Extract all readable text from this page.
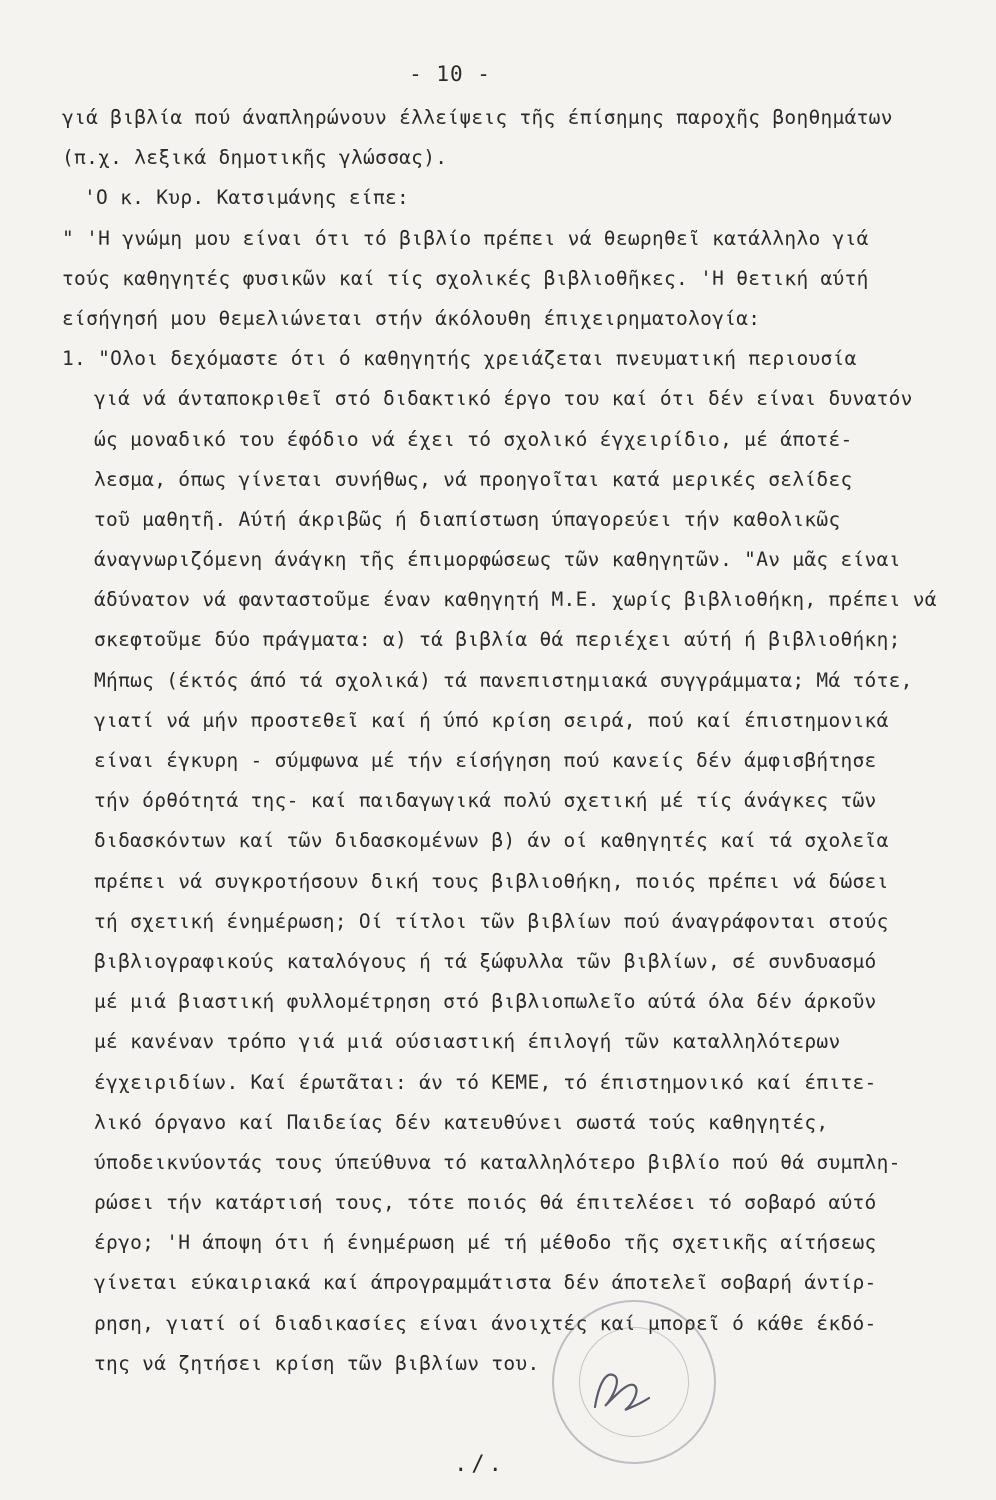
- 10 -
γιά βιβλία πού άναπληρώνουν έλλείψεις τῆς έπίσημης παροχῆς βοηθημάτων
(π.χ. λεξικά δημοτικῆς γλώσσας).
'Ο κ. Κυρ. Κατσιμάνης είπε:
" 'Η γνώμη μου είναι ότι τό βιβλίο πρέπει νά θεωρηθεῖ κατάλληλο γιά
τούς καθηγητές φυσικῶν καί τίς σχολικές βιβλιοθῆκες. 'Η θετική αύτή
είσήγησή μου θεμελιώνεται στήν άκόλουθη έπιχειρηματολογία:
1. "Ολοι δεχόμαστε ότι ό καθηγητής χρειάζεται πνευματική περιουσία
γιά νά άνταποκριθεῖ στό διδακτικό έργο του καί ότι δέν είναι δυνατόν
ώς μοναδικό του έφόδιο νά έχει τό σχολικό έγχειρίδιο, μέ άποτέ-
λεσμα, όπως γίνεται συνήθως, νά προηγοῖται κατά μερικές σελίδες
τοῦ μαθητῆ. Αύτή άκριβῶς ή διαπίστωση ύπαγορεύει τήν καθολικῶς
άναγνωριζόμενη άνάγκη τῆς έπιμορφώσεως τῶν καθηγητῶν. "Αν μᾶς είναι
άδύνατον νά φανταστοῦμε έναν καθηγητή Μ.Ε. χωρίς βιβλιοθήκη, πρέπει νά
σκεφτοῦμε δύο πράγματα: α) τά βιβλία θά περιέχει αύτή ή βιβλιοθήκη;
Μήπως (έκτός άπό τά σχολικά) τά πανεπιστημιακά συγγράμματα; Μά τότε,
γιατί νά μήν προστεθεῖ καί ή ύπό κρίση σειρά, πού καί έπιστημονικά
είναι έγκυρη - σύμφωνα μέ τήν είσήγηση πού κανείς δέν άμφισβήτησε
τήν όρθότητά της- καί παιδαγωγικά πολύ σχετική μέ τίς άνάγκες τῶν
διδασκόντων καί τῶν διδασκομένων β) άν οί καθηγητές καί τά σχολεῖα
πρέπει νά συγκροτήσουν δική τους βιβλιοθήκη, ποιός πρέπει νά δώσει
τή σχετική ένημέρωση; Οί τίτλοι τῶν βιβλίων πού άναγράφονται στούς
βιβλιογραφικούς καταλόγους ή τά ξώφυλλα τῶν βιβλίων, σέ συνδυασμό
μέ μιά βιαστική φυλλομέτρηση στό βιβλιοπωλεῖο αύτά όλα δέν άρκοῦν
μέ κανέναν τρόπο γιά μιά ούσιαστική έπιλογή τῶν καταλληλότερων
έγχειριδίων. Καί έρωτᾶται: άν τό ΚΕΜΕ, τό έπιστημονικό καί έπιτε-
λικό όργανο καί Παιδείας δέν κατευθύνει σωστά τούς καθηγητές,
ύποδεικνύοντάς τους ύπεύθυνα τό καταλληλότερο βιβλίο πού θά συμπλη-
ρώσει τήν κατάρτισή τους, τότε ποιός θά έπιτελέσει τό σοβαρό αύτό
έργο; 'Η άποψη ότι ή ένημέρωση μέ τή μέθοδο τῆς σχετικῆς αίτήσεως
γίνεται εύκαιριακά καί άπρογραμμάτιστα δέν άποτελεῖ σοβαρή άντίρ-
ρηση, γιατί οί διαδικασίες είναι άνοιχτές καί μπορεῖ ό κάθε έκδό-
της νά ζητήσει κρίση τῶν βιβλίων του.
./.
